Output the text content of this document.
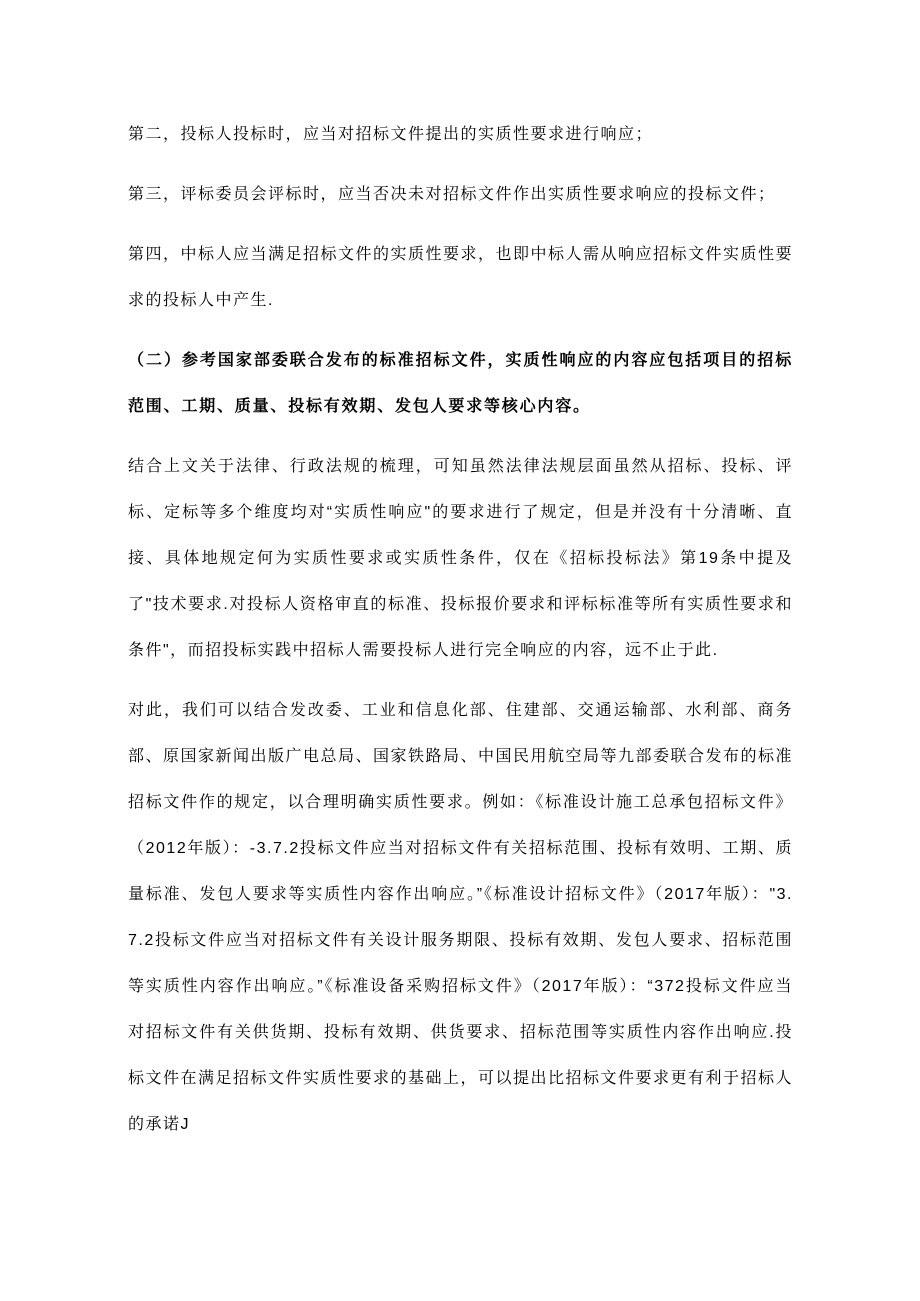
第二，投标人投标时，应当对招标文件提出的实质性要求进行响应；

第三，评标委员会评标时，应当否决未对招标文件作出实质性要求响应的投标文件；

第四，中标人应当满足招标文件的实质性要求，也即中标人需从响应招标文件实质性要求的投标人中产生.

（二）参考国家部委联合发布的标准招标文件，实质性响应的内容应包括项目的招标范围、工期、质量、投标有效期、发包人要求等核心内容。

结合上文关于法律、行政法规的梳理，可知虽然法律法规层面虽然从招标、投标、评标、定标等多个维度均对“实质性响应"的要求进行了规定，但是并没有十分清晰、直接、具体地规定何为实质性要求或实质性条件，仅在《招标投标法》第19条中提及了"技术要求.对投标人资格审直的标准、投标报价要求和评标标准等所有实质性要求和条件"，而招投标实践中招标人需要投标人进行完全响应的内容，远不止于此.

对此，我们可以结合发改委、工业和信息化部、住建部、交通运输部、水利部、商务部、原国家新闻出版广电总局、国家铁路局、中国民用航空局等九部委联合发布的标准招标文件作的规定，以合理明确实质性要求。例如：《标准设计施工总承包招标文件》（2012年版）：-3.7.2投标文件应当对招标文件有关招标范围、投标有效明、工期、质量标准、发包人要求等实质性内容作出响应。”《标准设计招标文件》（2017年版）："3.7.2投标文件应当对招标文件有关设计服务期限、投标有效期、发包人要求、招标范围等实质性内容作出响应。”《标准设备采购招标文件》（2017年版）：“372投标文件应当对招标文件有关供货期、投标有效期、供货要求、招标范围等实质性内容作出响应.投标文件在满足招标文件实质性要求的基础上，可以提出比招标文件要求更有利于招标人的承诺J
